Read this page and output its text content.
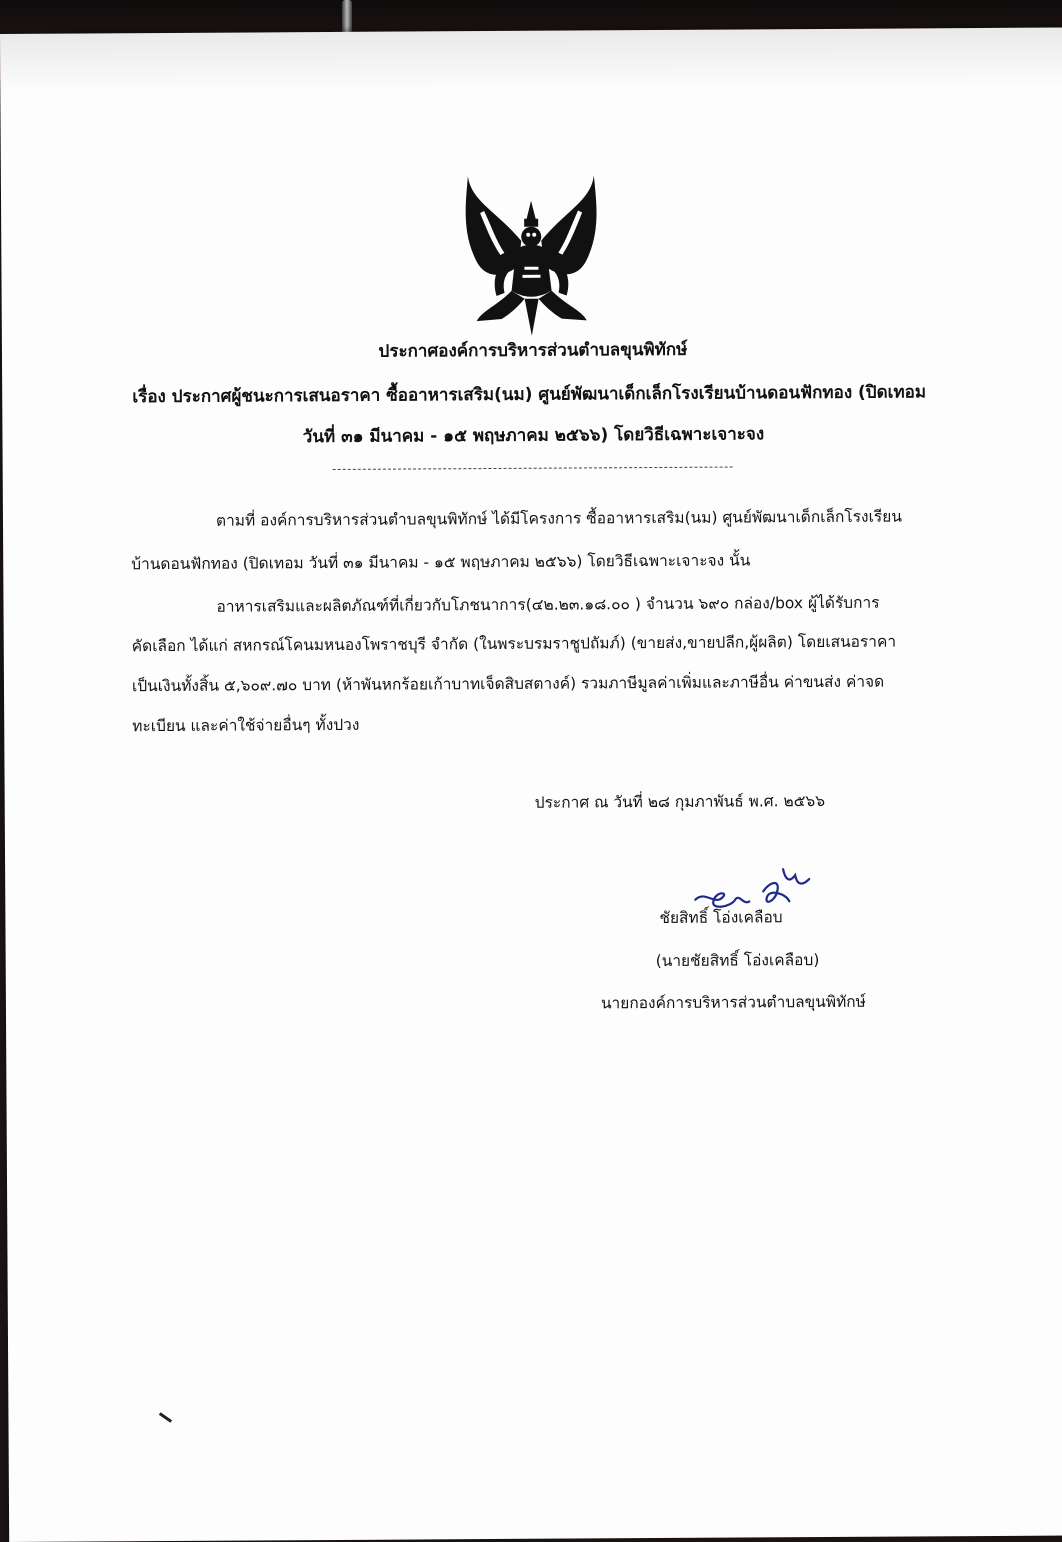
ประกาศองค์การบริหารส่วนตำบลขุนพิทักษ์
เรื่อง ประกาศผู้ชนะการเสนอราคา ซื้ออาหารเสริม(นม) ศูนย์พัฒนาเด็กเล็กโรงเรียนบ้านดอนฟักทอง (ปิดเทอม
วันที่ ๓๑ มีนาคม - ๑๕ พฤษภาคม ๒๕๖๖) โดยวิธีเฉพาะเจาะจง
ตามที่ องค์การบริหารส่วนตำบลขุนพิทักษ์ ได้มีโครงการ ซื้ออาหารเสริม(นม) ศูนย์พัฒนาเด็กเล็กโรงเรียน
บ้านดอนฟักทอง (ปิดเทอม วันที่ ๓๑ มีนาคม - ๑๕ พฤษภาคม ๒๕๖๖) โดยวิธีเฉพาะเจาะจง นั้น
อาหารเสริมและผลิตภัณฑ์ที่เกี่ยวกับโภชนาการ(๔๒.๒๓.๑๘.๐๐ ) จำนวน ๖๙๐ กล่อง/box ผู้ได้รับการ
คัดเลือก ได้แก่ สหกรณ์โคนมหนองโพราชบุรี จำกัด (ในพระบรมราชูปถัมภ์) (ขายส่ง,ขายปลีก,ผู้ผลิต) โดยเสนอราคา
เป็นเงินทั้งสิ้น ๕,๖๐๙.๗๐ บาท (ห้าพันหกร้อยเก้าบาทเจ็ดสิบสตางค์) รวมภาษีมูลค่าเพิ่มและภาษีอื่น ค่าขนส่ง ค่าจด
ทะเบียน และค่าใช้จ่ายอื่นๆ ทั้งปวง
ประกาศ ณ วันที่ ๒๘ กุมภาพันธ์ พ.ศ. ๒๕๖๖
ชัยสิทธิ์ โอ่งเคลือบ
(นายชัยสิทธิ์ โอ่งเคลือบ)
นายกองค์การบริหารส่วนตำบลขุนพิทักษ์
